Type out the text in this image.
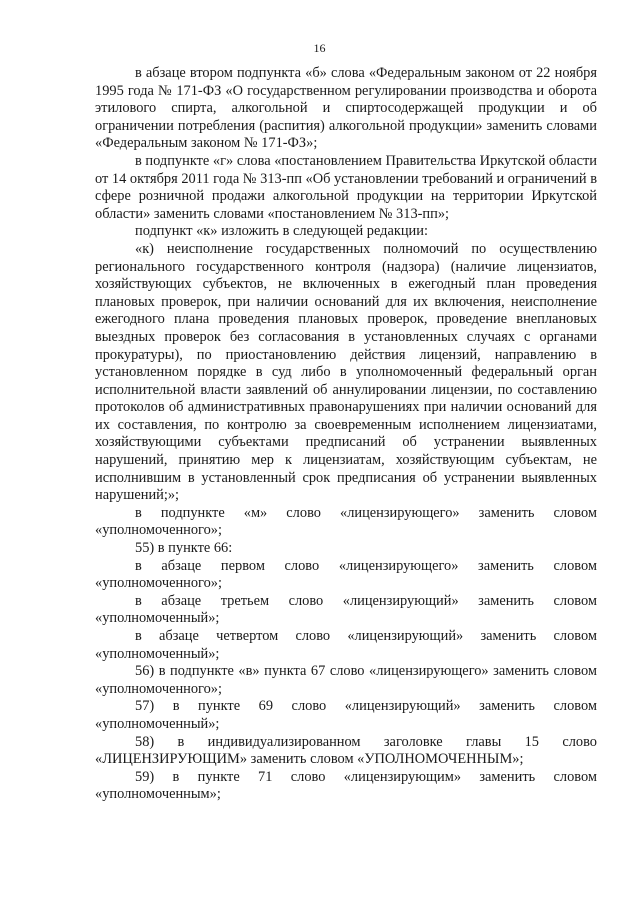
16

в абзаце втором подпункта «б» слова «Федеральным законом от 22 ноября 1995 года № 171-ФЗ «О государственном регулировании производства и оборота этилового спирта, алкогольной и спиртосодержащей продукции и об ограничении потребления (распития) алкогольной продукции» заменить словами «Федеральным законом № 171-ФЗ»;

в подпункте «г» слова «постановлением Правительства Иркутской области от 14 октября 2011 года № 313-пп «Об установлении требований и ограничений в сфере розничной продажи алкогольной продукции на территории Иркутской области» заменить словами «постановлением № 313-пп»;

подпункт «к» изложить в следующей редакции:

«к) неисполнение государственных полномочий по осуществлению регионального государственного контроля (надзора) (наличие лицензиатов, хозяйствующих субъектов, не включенных в ежегодный план проведения плановых проверок, при наличии оснований для их включения, неисполнение ежегодного плана проведения плановых проверок, проведение внеплановых выездных проверок без согласования в установленных случаях с органами прокуратуры), по приостановлению действия лицензий, направлению в установленном порядке в суд либо в уполномоченный федеральный орган исполнительной власти заявлений об аннулировании лицензии, по составлению протоколов об административных правонарушениях при наличии оснований для их составления, по контролю за своевременным исполнением лицензиатами, хозяйствующими субъектами предписаний об устранении выявленных нарушений, принятию мер к лицензиатам, хозяйствующим субъектам, не исполнившим в установленный срок предписания об устранении выявленных нарушений;»;

в подпункте «м» слово «лицензирующего» заменить словом «уполномоченного»;

55) в пункте 66:

в абзаце первом слово «лицензирующего» заменить словом «уполномоченного»;

в абзаце третьем слово «лицензирующий» заменить словом «уполномоченный»;

в абзаце четвертом слово «лицензирующий» заменить словом «уполномоченный»;

56) в подпункте «в» пункта 67 слово «лицензирующего» заменить словом «уполномоченного»;

57) в пункте 69 слово «лицензирующий» заменить словом «уполномоченный»;

58) в индивидуализированном заголовке главы 15 слово «ЛИЦЕНЗИРУЮЩИМ» заменить словом «УПОЛНОМОЧЕННЫМ»;

59) в пункте 71 слово «лицензирующим» заменить словом «уполномоченным»;
